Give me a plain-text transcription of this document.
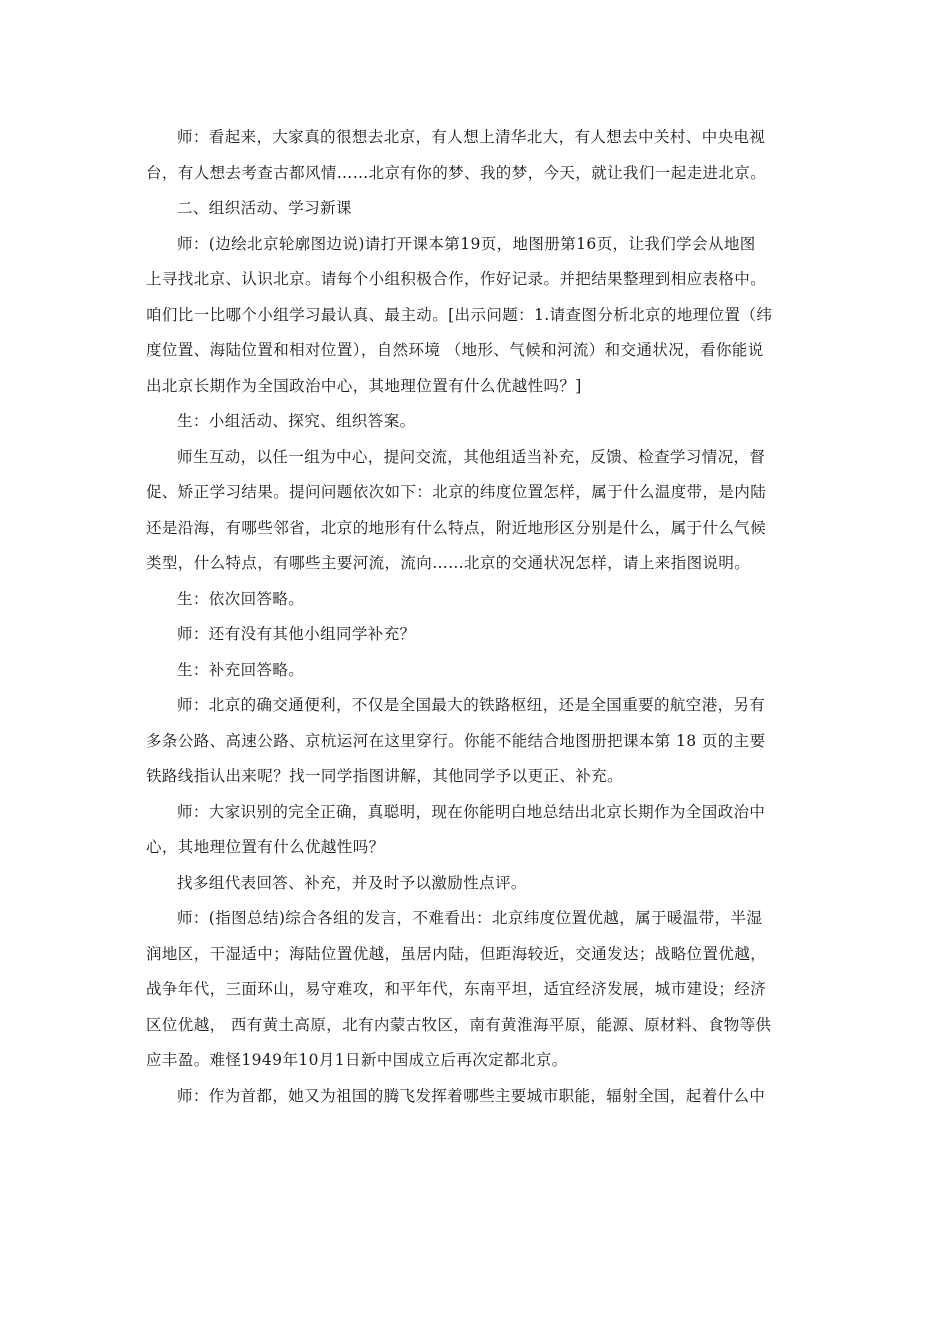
师：看起来，大家真的很想去北京，有人想上清华北大，有人想去中关村、中央电视
台，有人想去考查古都风情……北京有你的梦、我的梦，今天，就让我们一起走进北京。
二、组织活动、学习新课
师：(边绘北京轮廓图边说)请打开课本第19页，地图册第16页，让我们学会从地图
上寻找北京、认识北京。请每个小组积极合作，作好记录。并把结果整理到相应表格中。
咱们比一比哪个小组学习最认真、最主动。[出示问题：1.请查图分析北京的地理位置（纬
度位置、海陆位置和相对位置），自然环境 （地形、气候和河流）和交通状况，看你能说
出北京长期作为全国政治中心，其地理位置有什么优越性吗？]
生：小组活动、探究、组织答案。
师生互动，以任一组为中心，提问交流，其他组适当补充，反馈、检查学习情况，督
促、矫正学习结果。提问问题依次如下：北京的纬度位置怎样，属于什么温度带，是内陆
还是沿海，有哪些邻省，北京的地形有什么特点，附近地形区分别是什么，属于什么气候
类型，什么特点，有哪些主要河流，流向……北京的交通状况怎样，请上来指图说明。
生：依次回答略。
师：还有没有其他小组同学补充？
生：补充回答略。
师：北京的确交通便利，不仅是全国最大的铁路枢纽，还是全国重要的航空港，另有
多条公路、高速公路、京杭运河在这里穿行。你能不能结合地图册把课本第 18 页的主要
铁路线指认出来呢？找一同学指图讲解，其他同学予以更正、补充。
师：大家识别的完全正确，真聪明，现在你能明白地总结出北京长期作为全国政治中
心，其地理位置有什么优越性吗？
找多组代表回答、补充，并及时予以激励性点评。
师：(指图总结)综合各组的发言，不难看出：北京纬度位置优越，属于暖温带，半湿
润地区，干湿适中；海陆位置优越，虽居内陆，但距海较近，交通发达；战略位置优越，
战争年代，三面环山，易守难攻，和平年代，东南平坦，适宜经济发展，城市建设；经济
区位优越， 西有黄土高原，北有内蒙古牧区，南有黄淮海平原，能源、原材料、食物等供
应丰盈。难怪1949年10月1日新中国成立后再次定都北京。
师：作为首都，她又为祖国的腾飞发挥着哪些主要城市职能，辐射全国，起着什么中
